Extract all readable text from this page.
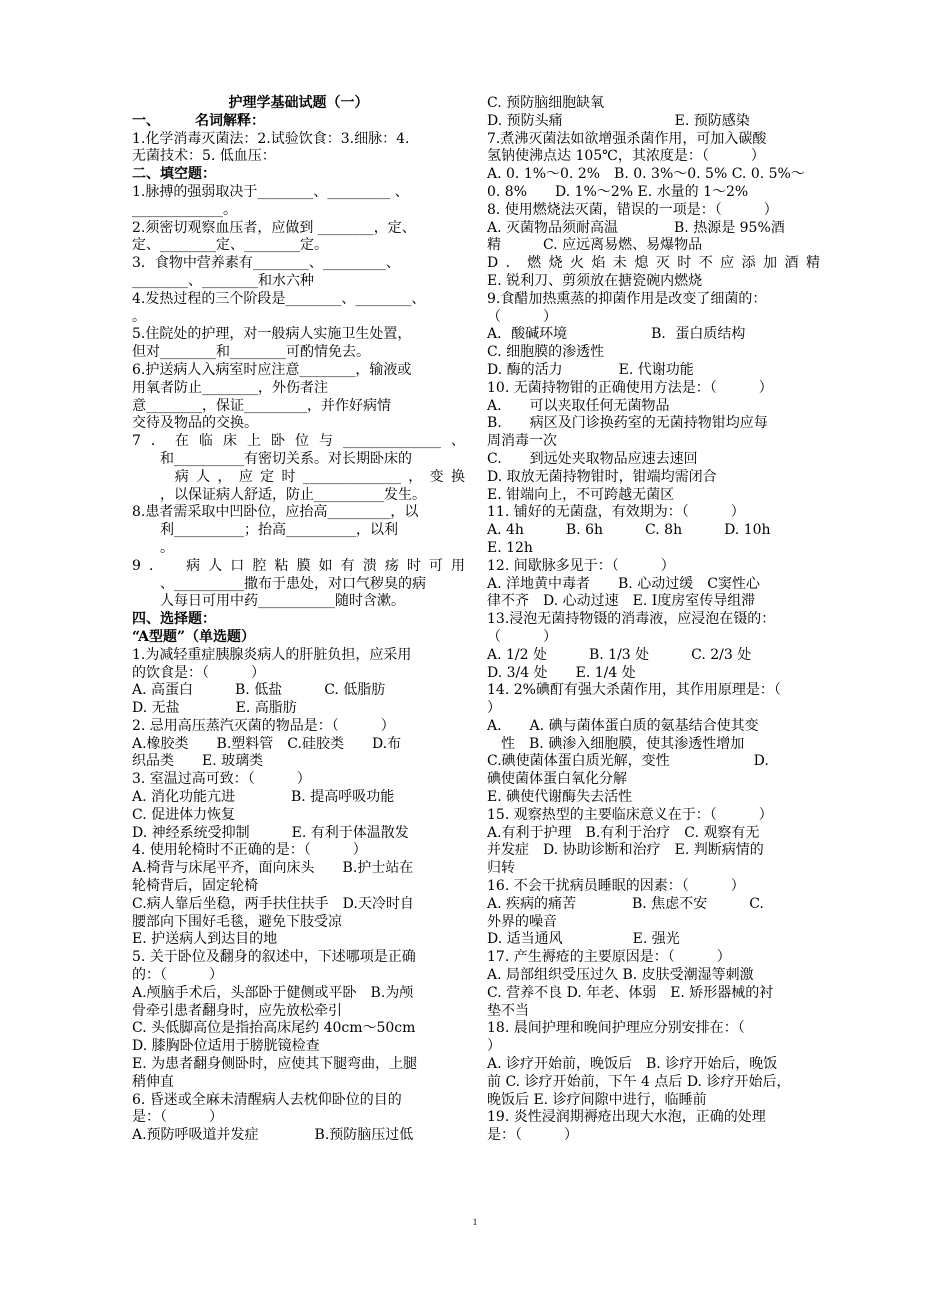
护理学基础试题（一）
一、　　　名词解释：
1.化学消毒灭菌法：2.试验饮食：3.细脉：4.
无菌技术：5. 低血压：
二、填空题：
1.脉搏的强弱取决于________、_________ 、
_____________。
2.须密切观察血压者，应做到 ________，定、
定、________定、________定。
3．食物中营养素有________、_________、
________、________和水六种
4.发热过程的三个阶段是________、________、
。
5.住院处的护理，对一般病人实施卫生处置，
但对________和________可酌情免去。
6.护送病人入病室时应注意________，输液或
用氧者防止________，外伤者注
意________，保证_________，并作好病情
交待及物品的交换。
7．在临床上卧位与______________、
　　和__________有密切关系。对长期卧床的
　　病人，应定时______________，变换
　　，以保证病人舒适，防止__________发生。
8.患者需采取中凹卧位，应抬高_________，以
　　利__________；抬高__________，以利
　　。
9．　病人口腔粘膜如有溃疡时可用
　　、__________撒布于患处，对口气秽臭的病
　　人每日可用中药___________随时含漱。
四、选择题：
“A型题”（单选题）
1.为减轻重症胰腺炎病人的肝脏负担，应采用
的饮食是：（　　　）
A. 高蛋白　　　B. 低盐　　　C. 低脂肪
D. 无盐　　　　E. 高脂肪
2. 忌用高压蒸汽灭菌的物品是：（　　　）
A.橡胶类　　B.塑料管　C.硅胶类　　D.布
织品类　　E. 玻璃类
3. 室温过高可致：（　　　）
A. 消化功能亢进　　　　B. 提高呼吸功能
C. 促进体力恢复
D. 神经系统受抑制　　　E. 有利于体温散发
4. 使用轮椅时不正确的是：（　　　）
A.椅背与床尾平齐，面向床头　　B.护士站在
轮椅背后，固定轮椅
C.病人靠后坐稳，两手扶住扶手　D.天冷时自
腰部向下围好毛毯，避免下肢受凉
E. 护送病人到达目的地
5. 关于卧位及翻身的叙述中，下述哪项是正确
的：（　　　）
A.颅脑手术后，头部卧于健侧或平卧　B.为颅
骨牵引患者翻身时，应先放松牵引
C. 头低脚高位是指抬高床尾约 40cm～50cm
D. 膝胸卧位适用于膀胱镜检查
E. 为患者翻身侧卧时，应使其下腿弯曲，上腿
稍伸直
6. 昏迷或全麻未清醒病人去枕仰卧位的目的
是：（　　　）
A.预防呼吸道并发症　　　　B.预防脑压过低
C. 预防脑细胞缺氧
D. 预防头痛　　　　　　　　E. 预防感染
7.煮沸灭菌法如欲增强杀菌作用，可加入碳酸
氢钠使沸点达 105℃，其浓度是：（　　　）
A. 0. 1%～0. 2%　B. 0. 3%～0. 5% C. 0. 5%～
0. 8%　　D. 1%～2% E. 水量的 1～2%
8. 使用燃烧法灭菌，错误的一项是：（　　　）
A. 灭菌物品须耐高温　　　　B. 热源是 95%酒
精　　　C. 应远离易燃、易爆物品
D．燃烧火焰未熄灭时不应添加酒精
E. 锐利刀、剪须放在搪瓷碗内燃烧
9.食醋加热熏蒸的抑菌作用是改变了细菌的：
（　　　）
A．酸碱环境　　　　　　B．蛋白质结构
C. 细胞膜的渗透性
D. 酶的活力　　　　E. 代谢功能
10. 无菌持物钳的正确使用方法是：（　　　）
A.　　可以夹取任何无菌物品
B.　　病区及门诊换药室的无菌持物钳均应每
周消毒一次
C.　　到远处夹取物品应速去速回
D. 取放无菌持物钳时，钳端均需闭合
E. 钳端向上，不可跨越无菌区
11. 铺好的无菌盘，有效期为：（　　　）
A. 4h　　　B. 6h　　　C. 8h　　　D. 10h
E. 12h
12. 间歇脉多见于：（　　　）
A. 洋地黄中毒者　　B. 心动过缓　C窦性心
律不齐　D. 心动过速　E. Ⅰ度房室传导组滞
13.浸泡无菌持物镊的消毒液，应浸泡在镊的：
（　　　）
A. 1/2 处　　　B. 1/3 处　　　C. 2/3 处
D. 3/4 处　　E. 1/4 处
14. 2%碘酊有强大杀菌作用，其作用原理是：（
）
A.　　A. 碘与菌体蛋白质的氨基结合使其变
　性　B. 碘渗入细胞膜，使其渗透性增加
C.碘使菌体蛋白质光解，变性　　　　　　D.
碘使菌体蛋白氧化分解
E. 碘使代谢酶失去活性
15. 观察热型的主要临床意义在于：（　　　）
A.有利于护理　B.有利于治疗　C. 观察有无
并发症　D. 协助诊断和治疗　E. 判断病情的
归转
16. 不会干扰病员睡眠的因素：（　　　）
A. 疾病的痛苦　　　　B. 焦虑不安　　　C.
外界的噪音
D. 适当通风　　　　　E. 强光
17. 产生褥疮的主要原因是：（　　　）
A. 局部组织受压过久 B. 皮肤受潮湿等刺激
C. 营养不良 D. 年老、体弱　E. 矫形器械的衬
垫不当
18. 晨间护理和晚间护理应分别安排在：（
）
A. 诊疗开始前，晚饭后　B. 诊疗开始后，晚饭
前 C. 诊疗开始前，下午 4 点后 D. 诊疗开始后，
晚饭后 E. 诊疗间隙中进行，临睡前
19. 炎性浸润期褥疮出现大水泡，正确的处理
是：（　　　）
1
